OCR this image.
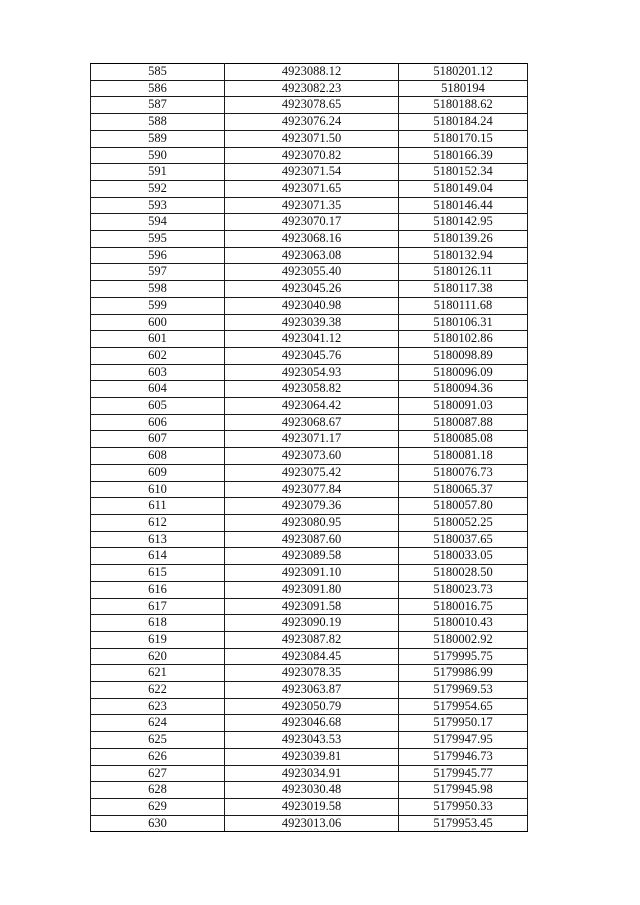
585	4923088.12	5180201.12
586	4923082.23	5180194
587	4923078.65	5180188.62
588	4923076.24	5180184.24
589	4923071.50	5180170.15
590	4923070.82	5180166.39
591	4923071.54	5180152.34
592	4923071.65	5180149.04
593	4923071.35	5180146.44
594	4923070.17	5180142.95
595	4923068.16	5180139.26
596	4923063.08	5180132.94
597	4923055.40	5180126.11
598	4923045.26	5180117.38
599	4923040.98	5180111.68
600	4923039.38	5180106.31
601	4923041.12	5180102.86
602	4923045.76	5180098.89
603	4923054.93	5180096.09
604	4923058.82	5180094.36
605	4923064.42	5180091.03
606	4923068.67	5180087.88
607	4923071.17	5180085.08
608	4923073.60	5180081.18
609	4923075.42	5180076.73
610	4923077.84	5180065.37
611	4923079.36	5180057.80
612	4923080.95	5180052.25
613	4923087.60	5180037.65
614	4923089.58	5180033.05
615	4923091.10	5180028.50
616	4923091.80	5180023.73
617	4923091.58	5180016.75
618	4923090.19	5180010.43
619	4923087.82	5180002.92
620	4923084.45	5179995.75
621	4923078.35	5179986.99
622	4923063.87	5179969.53
623	4923050.79	5179954.65
624	4923046.68	5179950.17
625	4923043.53	5179947.95
626	4923039.81	5179946.73
627	4923034.91	5179945.77
628	4923030.48	5179945.98
629	4923019.58	5179950.33
630	4923013.06	5179953.45
